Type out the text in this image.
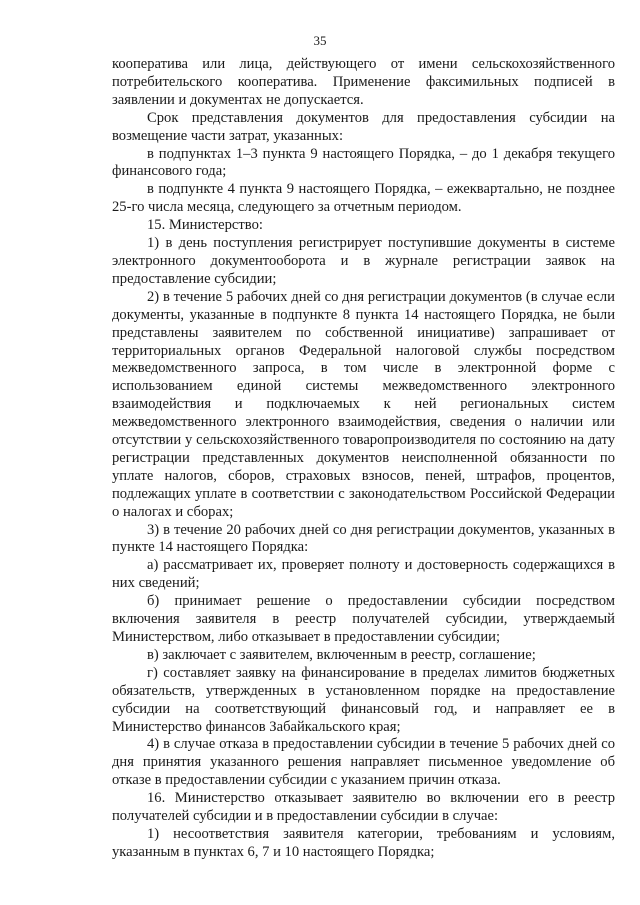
35

кооператива или лица, действующего от имени сельскохозяйственного потребительского кооператива. Применение факсимильных подписей в заявлении и документах не допускается.

Срок представления документов для предоставления субсидии на возмещение части затрат, указанных:

в подпунктах 1–3 пункта 9 настоящего Порядка, – до 1 декабря текущего финансового года;

в подпункте 4 пункта 9 настоящего Порядка, – ежеквартально, не позднее 25-го числа месяца, следующего за отчетным периодом.

15. Министерство:

1) в день поступления регистрирует поступившие документы в системе электронного документооборота и в журнале регистрации заявок на предоставление субсидии;

2) в течение 5 рабочих дней со дня регистрации документов (в случае если документы, указанные в подпункте 8 пункта 14 настоящего Порядка, не были представлены заявителем по собственной инициативе) запрашивает от территориальных органов Федеральной налоговой службы посредством межведомственного запроса, в том числе в электронной форме с использованием единой системы межведомственного электронного взаимодействия и подключаемых к ней региональных систем межведомственного электронного взаимодействия, сведения о наличии или отсутствии у сельскохозяйственного товаропроизводителя по состоянию на дату регистрации представленных документов неисполненной обязанности по уплате налогов, сборов, страховых взносов, пеней, штрафов, процентов, подлежащих уплате в соответствии с законодательством Российской Федерации о налогах и сборах;

3) в течение 20 рабочих дней со дня регистрации документов, указанных в пункте 14 настоящего Порядка:

а) рассматривает их, проверяет полноту и достоверность содержащихся в них сведений;

б) принимает решение о предоставлении субсидии посредством включения заявителя в реестр получателей субсидии, утверждаемый Министерством, либо отказывает в предоставлении субсидии;

в) заключает с заявителем, включенным в реестр, соглашение;

г) составляет заявку на финансирование в пределах лимитов бюджетных обязательств, утвержденных в установленном порядке на предоставление субсидии на соответствующий финансовый год, и направляет ее в Министерство финансов Забайкальского края;

4) в случае отказа в предоставлении субсидии в течение 5 рабочих дней со дня принятия указанного решения направляет письменное уведомление об отказе в предоставлении субсидии с указанием причин отказа.

16. Министерство отказывает заявителю во включении его в реестр получателей субсидии и в предоставлении субсидии в случае:

1) несоответствия заявителя категории, требованиям и условиям, указанным в пунктах 6, 7 и 10 настоящего Порядка;
